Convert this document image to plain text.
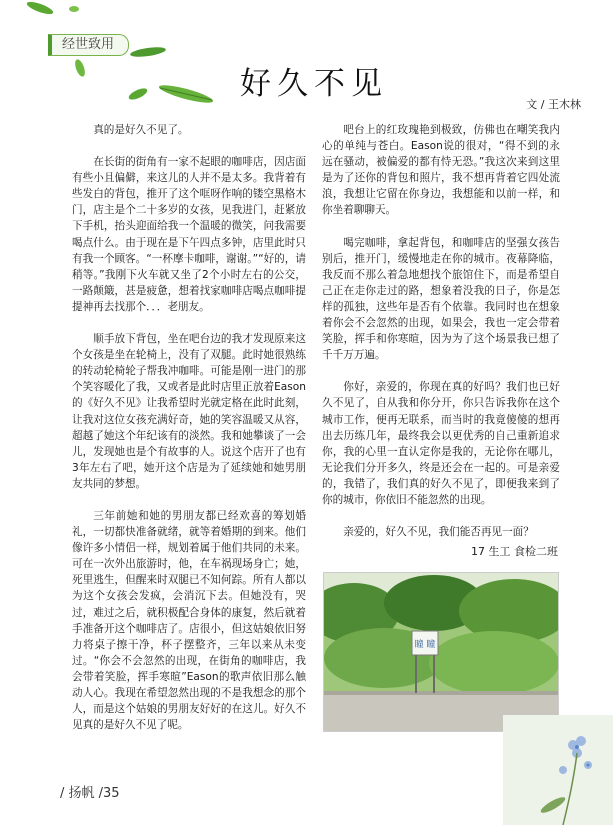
经世致用
好久不见
文 / 王木林

真的是好久不见了。

在长街的街角有一家不起眼的咖啡店，因店面有些小且偏僻，来这儿的人并不是太多。我背着有些发白的背包，推开了这个哐呀作响的镂空黑格木门，店主是个二十多岁的女孩，见我进门，赶紧放下手机，抬头迎面给我一个温暖的微笑，问我需要喝点什么。由于现在是下午四点多钟，店里此时只有我一个顾客。“一杯摩卡咖啡，谢谢。”“好的，请稍等。”我刚下火车就又坐了2个小时左右的公交，一路颠簸，甚是疲惫，想着找家咖啡店喝点咖啡提提神再去找那个．．．老朋友。

顺手放下背包，坐在吧台边的我才发现原来这个女孩是坐在轮椅上，没有了双腿。此时她很熟练的转动轮椅轮子帮我冲咖啡。可能是刚一进门的那个笑容暖化了我，又或者是此时店里正放着Eason的《好久不见》让我希望时光就定格在此时此刻，让我对这位女孩充满好奇，她的笑容温暖又从容，超越了她这个年纪该有的淡然。我和她攀谈了一会儿，发现她也是个有故事的人。说这个店开了也有3年左右了吧，她开这个店是为了延续她和她男朋友共同的梦想。

三年前她和她的男朋友都已经欢喜的筹划婚礼，一切都快准备就绪，就等着婚期的到来。他们像许多小情侣一样，规划着属于他们共同的未来。可在一次外出旅游时，他，在车祸现场身亡；她，死里逃生，但醒来时双腿已不知何踪。所有人都以为这个女孩会发疯，会消沉下去。但她没有，哭过，难过之后，就积极配合身体的康复，然后就着手准备开这个咖啡店了。店很小，但这姑娘依旧努力将桌子擦干净，杯子摆整齐，三年以来从未变过。“你会不会忽然的出现，在街角的咖啡店，我会带着笑脸，挥手寒暄”Eason的歌声依旧那么触动人心。我现在希望忽然出现的不是我想念的那个人，而是这个姑娘的男朋友好好的在这儿。好久不见真的是好久不见了呢。

吧台上的红玫瑰艳到极致，仿佛也在嘲笑我内心的单纯与苍白。Eason说的很对，“得不到的永远在骚动，被偏爱的都有恃无恐。”我这次来到这里是为了还你的背包和照片，我不想再背着它四处流浪，我想让它留在你身边，我想能和以前一样，和你坐着聊聊天。

喝完咖啡，拿起背包，和咖啡店的坚强女孩告别后，推开门，缓慢地走在你的城市。夜幕降临，我反而不那么着急地想找个旅馆住下，而是希望自己正在走你走过的路，想象着没我的日子，你是怎样的孤独，这些年是否有个依靠。我同时也在想象着你会不会忽然的出现，如果会，我也一定会带着笑脸，挥手和你寒暄，因为为了这个场景我已想了千千万万遍。

你好，亲爱的，你现在真的好吗？我们也已好久不见了，自从我和你分开，你只告诉我你在这个城市工作，便再无联系，而当时的我竟傻傻的想再出去历练几年，最终我会以更优秀的自己重新追求你，我的心里一直认定你是我的，无论你在哪儿，无论我们分开多久，终是还会在一起的。可是亲爱的，我错了，我们真的好久不见了，即便我来到了你的城市，你依旧不能忽然的出现。

亲爱的，好久不见，我们能否再见一面？

17 生工 食检二班
瞳 瞳
/ 扬帆 /35
